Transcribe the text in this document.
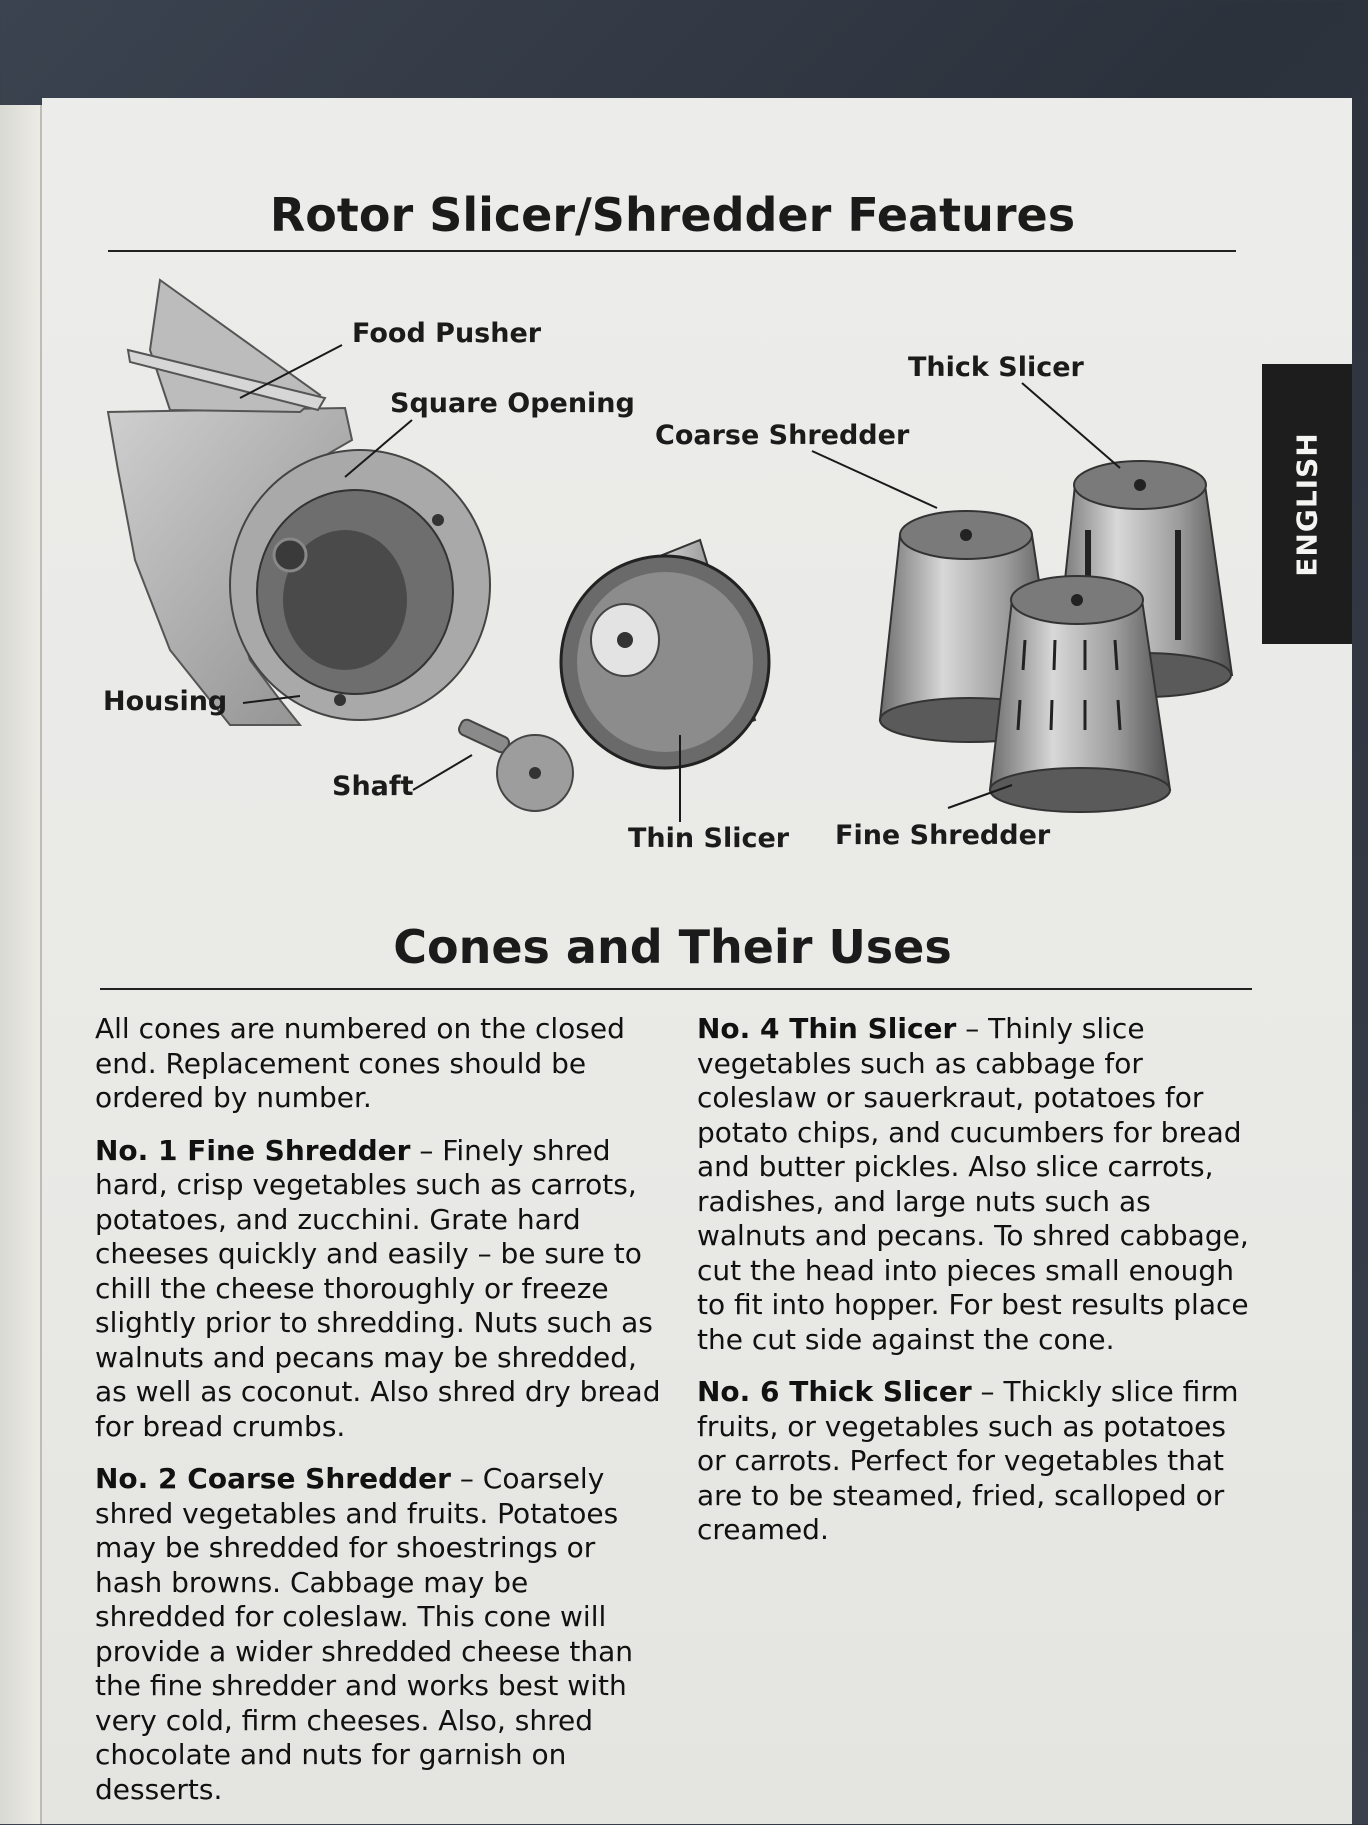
ENGLISH
Rotor Slicer/Shredder Features
Food Pusher
Square Opening
Housing
Shaft
Thin Slicer
Coarse Shredder
Thick Slicer
Fine Shredder
Cones and Their Uses

All cones are numbered on the closed end. Replacement cones should be ordered by number.

No. 1 Fine Shredder – Finely shred hard, crisp vegetables such as carrots, potatoes, and zucchini. Grate hard cheeses quickly and easily – be sure to chill the cheese thoroughly or freeze slightly prior to shredding. Nuts such as walnuts and pecans may be shredded, as well as coconut. Also shred dry bread for bread crumbs.

No. 2 Coarse Shredder – Coarsely shred vegetables and fruits. Potatoes may be shredded for shoestrings or hash browns. Cabbage may be shredded for coleslaw. This cone will provide a wider shredded cheese than the fine shredder and works best with very cold, firm cheeses. Also, shred chocolate and nuts for garnish on desserts.

No. 4 Thin Slicer – Thinly slice vegetables such as cabbage for coleslaw or sauerkraut, potatoes for potato chips, and cucumbers for bread and butter pickles. Also slice carrots, radishes, and large nuts such as walnuts and pecans. To shred cabbage, cut the head into pieces small enough to fit into hopper. For best results place the cut side against the cone.

No. 6 Thick Slicer – Thickly slice firm fruits, or vegetables such as potatoes or carrots. Perfect for vegetables that are to be steamed, fried, scalloped or creamed.
